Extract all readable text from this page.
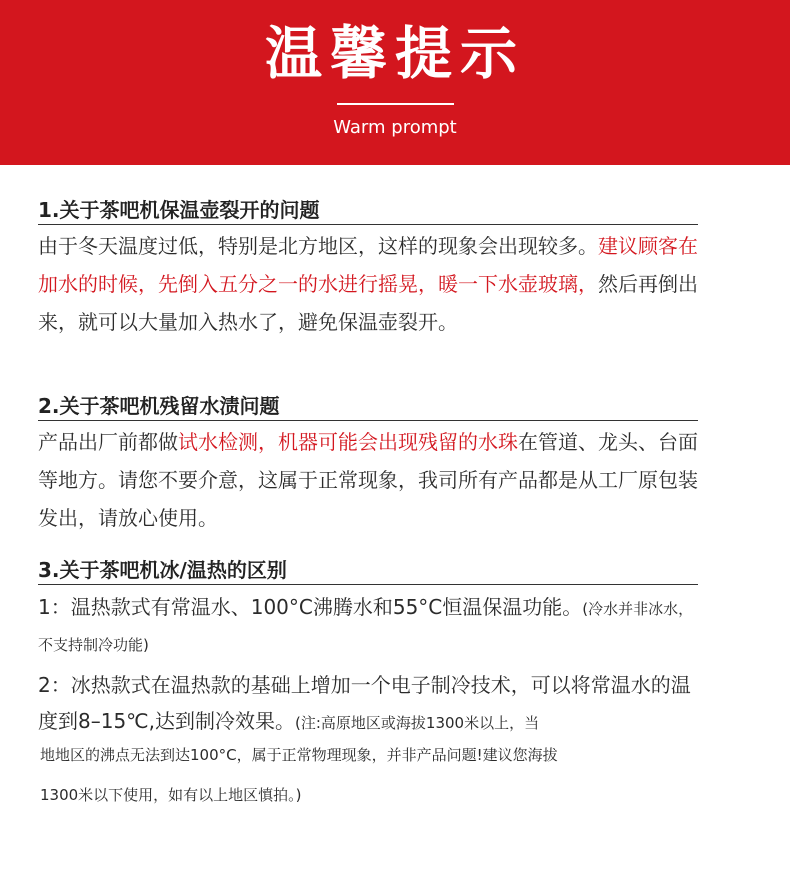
温馨提示
Warm prompt
1.关于茶吧机保温壶裂开的问题
由于冬天温度过低，特别是北方地区，这样的现象会出现较多。建议顾客在加水的时候，先倒入五分之一的水进行摇晃，暖一下水壶玻璃，然后再倒出来，就可以大量加入热水了，避免保温壶裂开。
2.关于茶吧机残留水渍问题
产品出厂前都做试水检测，机器可能会出现残留的水珠在管道、龙头、台面等地方。请您不要介意，这属于正常现象，我司所有产品都是从工厂原包装发出，请放心使用。
3.关于茶吧机冰/温热的区别
1：温热款式有常温水、100°C沸腾水和55°C恒温保温功能。(冷水并非冰水，不支持制冷功能)
2：冰热款式在温热款的基础上增加一个电子制冷技术，可以将常温水的温度到8–15℃,达到制冷效果。(注:高原地区或海拔1300米以上，当
地地区的沸点无法到达100°C，属于正常物理现象，并非产品问题!建议您海拔
1300米以下使用，如有以上地区慎拍。)
